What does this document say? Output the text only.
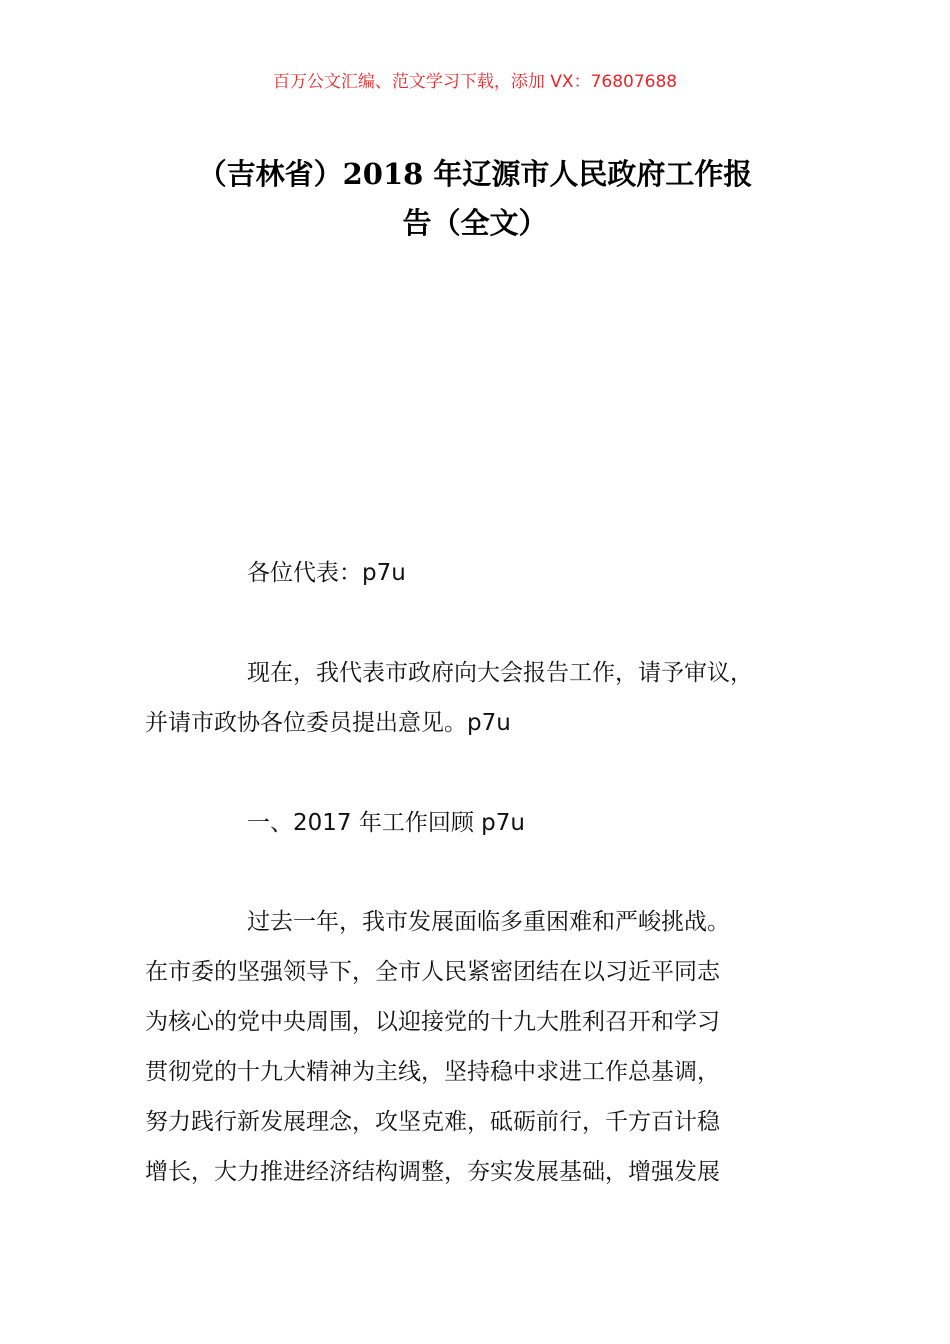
百万公文汇编、范文学习下载，添加 VX：76807688
（吉林省）2018 年辽源市人民政府工作报
告（全文）
各位代表：p7u
现在，我代表市政府向大会报告工作，请予审议，
并请市政协各位委员提出意见。p7u
一、2017 年工作回顾 p7u
过去一年，我市发展面临多重困难和严峻挑战。
在市委的坚强领导下，全市人民紧密团结在以习近平同志
为核心的党中央周围，以迎接党的十九大胜利召开和学习
贯彻党的十九大精神为主线，坚持稳中求进工作总基调，
努力践行新发展理念，攻坚克难，砥砺前行，千方百计稳
增长，大力推进经济结构调整，夯实发展基础，增强发展
